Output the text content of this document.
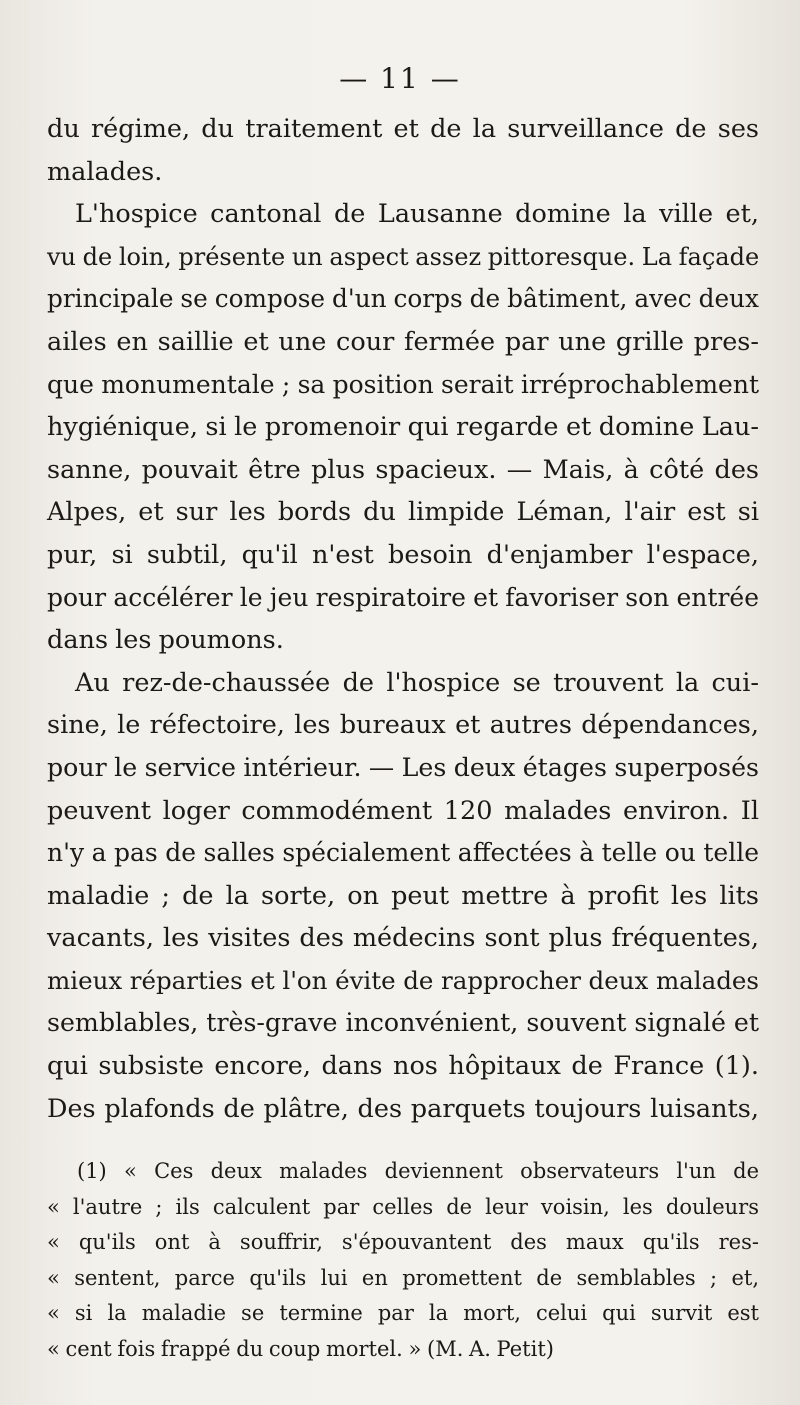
— 11 —
du régime, du traitement et de la surveillance de ses
malades.
L'hospice cantonal de Lausanne domine la ville et,
vu de loin, présente un aspect assez pittoresque. La façade
principale se compose d'un corps de bâtiment, avec deux
ailes en saillie et une cour fermée par une grille pres-
que monumentale ; sa position serait irréprochablement
hygiénique, si le promenoir qui regarde et domine Lau-
sanne, pouvait être plus spacieux. — Mais, à côté des
Alpes, et sur les bords du limpide Léman, l'air est si
pur, si subtil, qu'il n'est besoin d'enjamber l'espace,
pour accélérer le jeu respiratoire et favoriser son entrée
dans les poumons.
Au rez-de-chaussée de l'hospice se trouvent la cui-
sine, le réfectoire, les bureaux et autres dépendances,
pour le service intérieur. — Les deux étages superposés
peuvent loger commodément 120 malades environ. Il
n'y a pas de salles spécialement affectées à telle ou telle
maladie ; de la sorte, on peut mettre à profit les lits
vacants, les visites des médecins sont plus fréquentes,
mieux réparties et l'on évite de rapprocher deux malades
semblables, très-grave inconvénient, souvent signalé et
qui subsiste encore, dans nos hôpitaux de France (1).
Des plafonds de plâtre, des parquets toujours luisants,
(1) « Ces deux malades deviennent observateurs l'un de
« l'autre ; ils calculent par celles de leur voisin, les douleurs
« qu'ils ont à souffrir, s'épouvantent des maux qu'ils res-
« sentent, parce qu'ils lui en promettent de semblables ; et,
« si la maladie se termine par la mort, celui qui survit est
« cent fois frappé du coup mortel. » (M. A. Petit)
